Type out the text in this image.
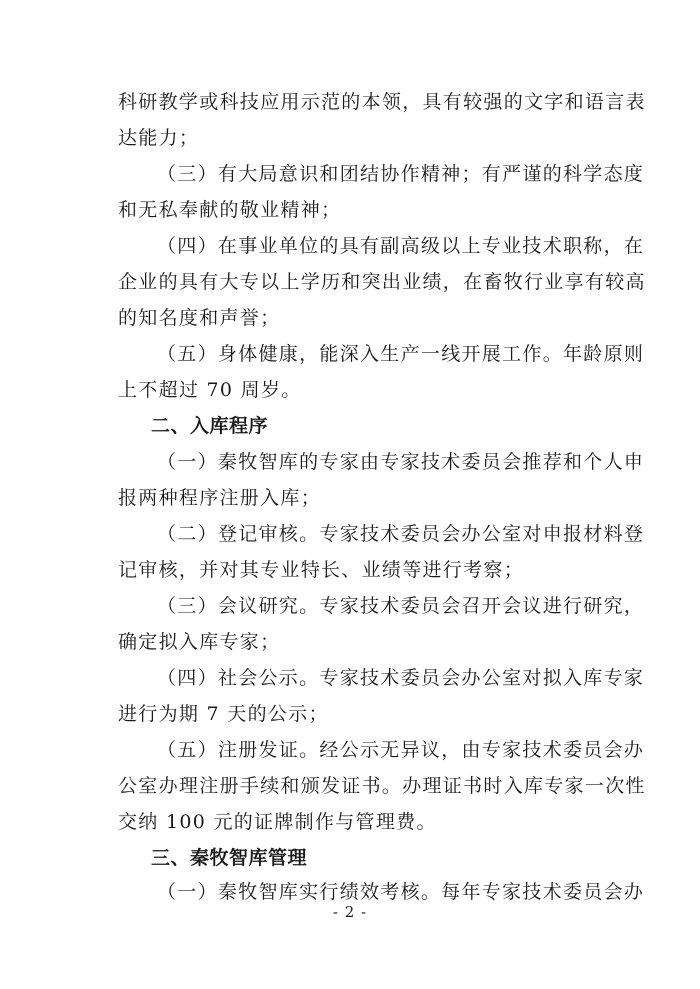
科研教学或科技应用示范的本领，具有较强的文字和语言表
达能力；
（三）有大局意识和团结协作精神；有严谨的科学态度
和无私奉献的敬业精神；
（四）在事业单位的具有副高级以上专业技术职称，在
企业的具有大专以上学历和突出业绩，在畜牧行业享有较高
的知名度和声誉；
（五）身体健康，能深入生产一线开展工作。年龄原则
上不超过 70 周岁。
二、入库程序
（一）秦牧智库的专家由专家技术委员会推荐和个人申
报两种程序注册入库；
（二）登记审核。专家技术委员会办公室对申报材料登
记审核，并对其专业特长、业绩等进行考察；
（三）会议研究。专家技术委员会召开会议进行研究，
确定拟入库专家；
（四）社会公示。专家技术委员会办公室对拟入库专家
进行为期 7 天的公示；
（五）注册发证。经公示无异议，由专家技术委员会办
公室办理注册手续和颁发证书。办理证书时入库专家一次性
交纳 100 元的证牌制作与管理费。
三、秦牧智库管理
（一）秦牧智库实行绩效考核。每年专家技术委员会办
- 2 -
